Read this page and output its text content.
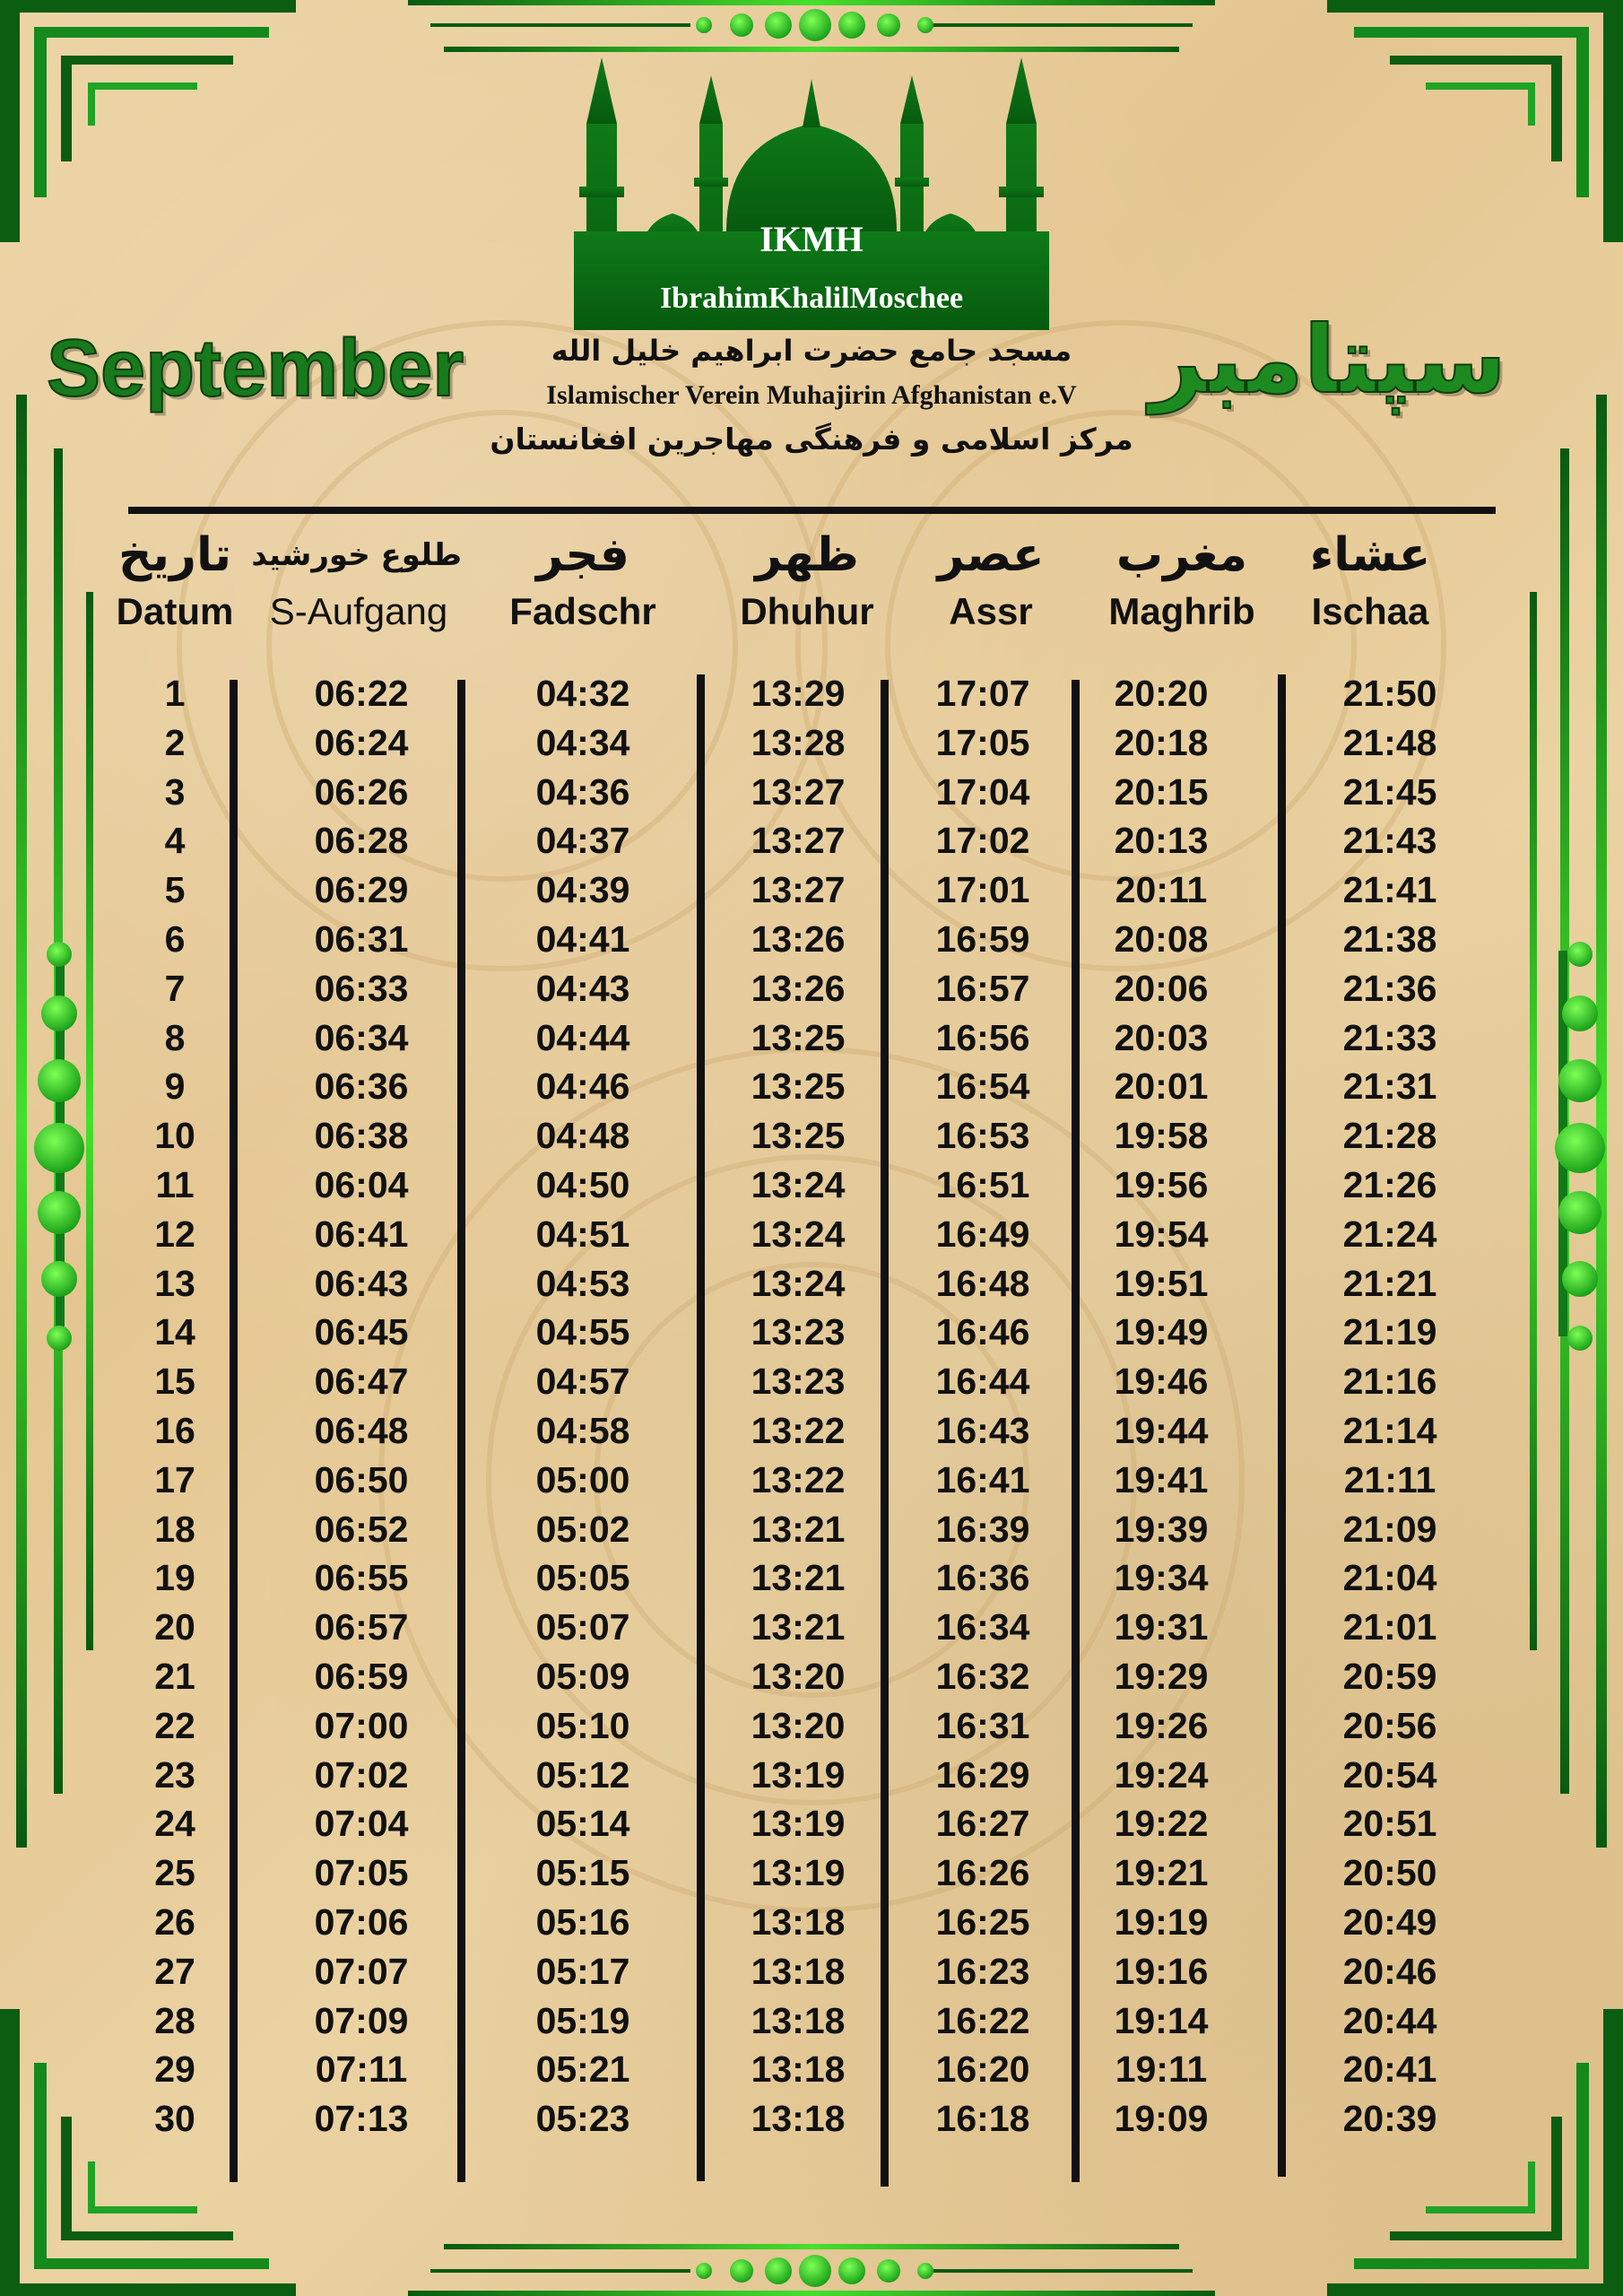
IKMH
IbrahimKhalilMoschee
September	سپتامبر
مسجد جامع حضرت ابراهیم خلیل الله
Islamischer Verein Muhajirin Afghanistan e.V
مرکز اسلامی و فرهنگی مهاجرین افغانستان
تاريخ
Datum
طلوع خورشید
S-Aufgang
فجر
Fadschr
ظهر
Dhuhur
عصر
Assr
مغرب
Maghrib
عشاء
Ischaa
1
2
3
4
5
6
7
8
9
10
11
12
13
14
15
16
17
18
19
20
21
22
23
24
25
26
27
28
29
30
06:22
06:24
06:26
06:28
06:29
06:31
06:33
06:34
06:36
06:38
06:04
06:41
06:43
06:45
06:47
06:48
06:50
06:52
06:55
06:57
06:59
07:00
07:02
07:04
07:05
07:06
07:07
07:09
07:11
07:13
04:32
04:34
04:36
04:37
04:39
04:41
04:43
04:44
04:46
04:48
04:50
04:51
04:53
04:55
04:57
04:58
05:00
05:02
05:05
05:07
05:09
05:10
05:12
05:14
05:15
05:16
05:17
05:19
05:21
05:23
13:29
13:28
13:27
13:27
13:27
13:26
13:26
13:25
13:25
13:25
13:24
13:24
13:24
13:23
13:23
13:22
13:22
13:21
13:21
13:21
13:20
13:20
13:19
13:19
13:19
13:18
13:18
13:18
13:18
13:18
17:07
17:05
17:04
17:02
17:01
16:59
16:57
16:56
16:54
16:53
16:51
16:49
16:48
16:46
16:44
16:43
16:41
16:39
16:36
16:34
16:32
16:31
16:29
16:27
16:26
16:25
16:23
16:22
16:20
16:18
20:20
20:18
20:15
20:13
20:11
20:08
20:06
20:03
20:01
19:58
19:56
19:54
19:51
19:49
19:46
19:44
19:41
19:39
19:34
19:31
19:29
19:26
19:24
19:22
19:21
19:19
19:16
19:14
19:11
19:09
21:50
21:48
21:45
21:43
21:41
21:38
21:36
21:33
21:31
21:28
21:26
21:24
21:21
21:19
21:16
21:14
21:11
21:09
21:04
21:01
20:59
20:56
20:54
20:51
20:50
20:49
20:46
20:44
20:41
20:39
